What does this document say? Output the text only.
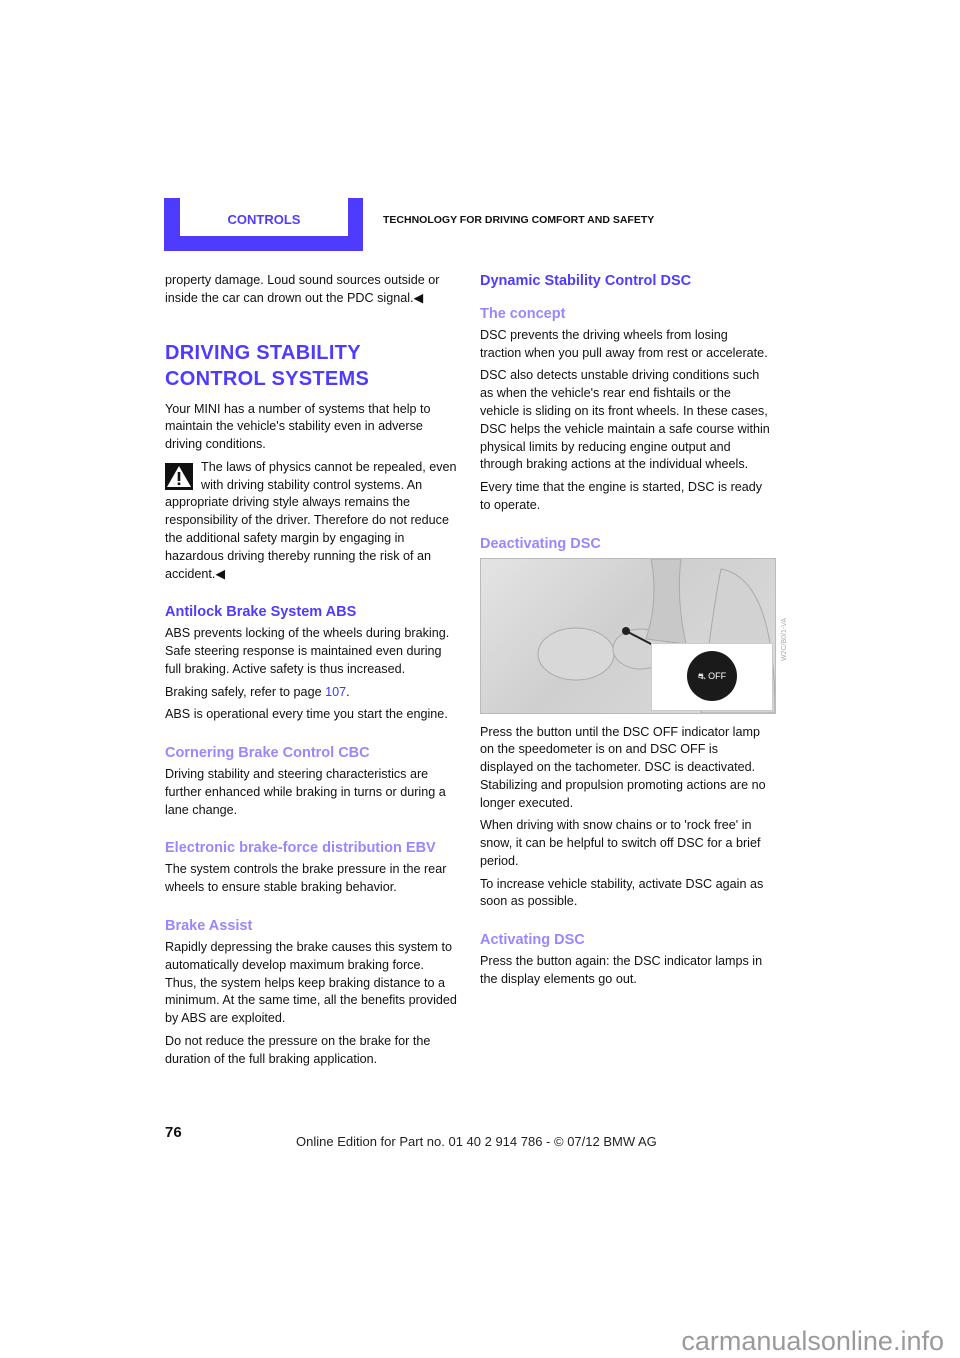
CONTROLS	TECHNOLOGY FOR DRIVING COMFORT AND SAFETY

property damage. Loud sound sources outside or inside the car can drown out the PDC signal.◀

DRIVING STABILITY CONTROL SYSTEMS

Your MINI has a number of systems that help to maintain the vehicle's stability even in adverse driving conditions.

The laws of physics cannot be repealed, even with driving stability control systems. An appropriate driving style always remains the responsibility of the driver. Therefore do not reduce the additional safety margin by engaging in hazardous driving thereby running the risk of an accident.◀

Antilock Brake System ABS

ABS prevents locking of the wheels during braking. Safe steering response is maintained even during full braking. Active safety is thus increased.

Braking safely, refer to page 107.

ABS is operational every time you start the engine.

Cornering Brake Control CBC

Driving stability and steering characteristics are further enhanced while braking in turns or during a lane change.

Electronic brake-force distribution EBV

The system controls the brake pressure in the rear wheels to ensure stable braking behavior.

Brake Assist

Rapidly depressing the brake causes this system to automatically develop maximum braking force. Thus, the system helps keep braking distance to a minimum. At the same time, all the benefits provided by ABS are exploited.

Do not reduce the pressure on the brake for the duration of the full braking application.

Dynamic Stability Control DSC
The concept

DSC prevents the driving wheels from losing traction when you pull away from rest or accelerate.

DSC also detects unstable driving conditions such as when the vehicle's rear end fishtails or the vehicle is sliding on its front wheels. In these cases, DSC helps the vehicle maintain a safe course within physical limits by reducing engine output and through braking actions at the individual wheels.

Every time that the engine is started, DSC is ready to operate.

Deactivating DSC
⛐ OFF
W2C/B0/1-VA

Press the button until the DSC OFF indicator lamp on the speedometer is on and DSC OFF is displayed on the tachometer. DSC is deactivated. Stabilizing and propulsion promoting actions are no longer executed.

When driving with snow chains or to 'rock free' in snow, it can be helpful to switch off DSC for a brief period.

To increase vehicle stability, activate DSC again as soon as possible.

Activating DSC

Press the button again: the DSC indicator lamps in the display elements go out.

76
Online Edition for Part no. 01 40 2 914 786 - © 07/12 BMW AG
carmanualsonline.info
